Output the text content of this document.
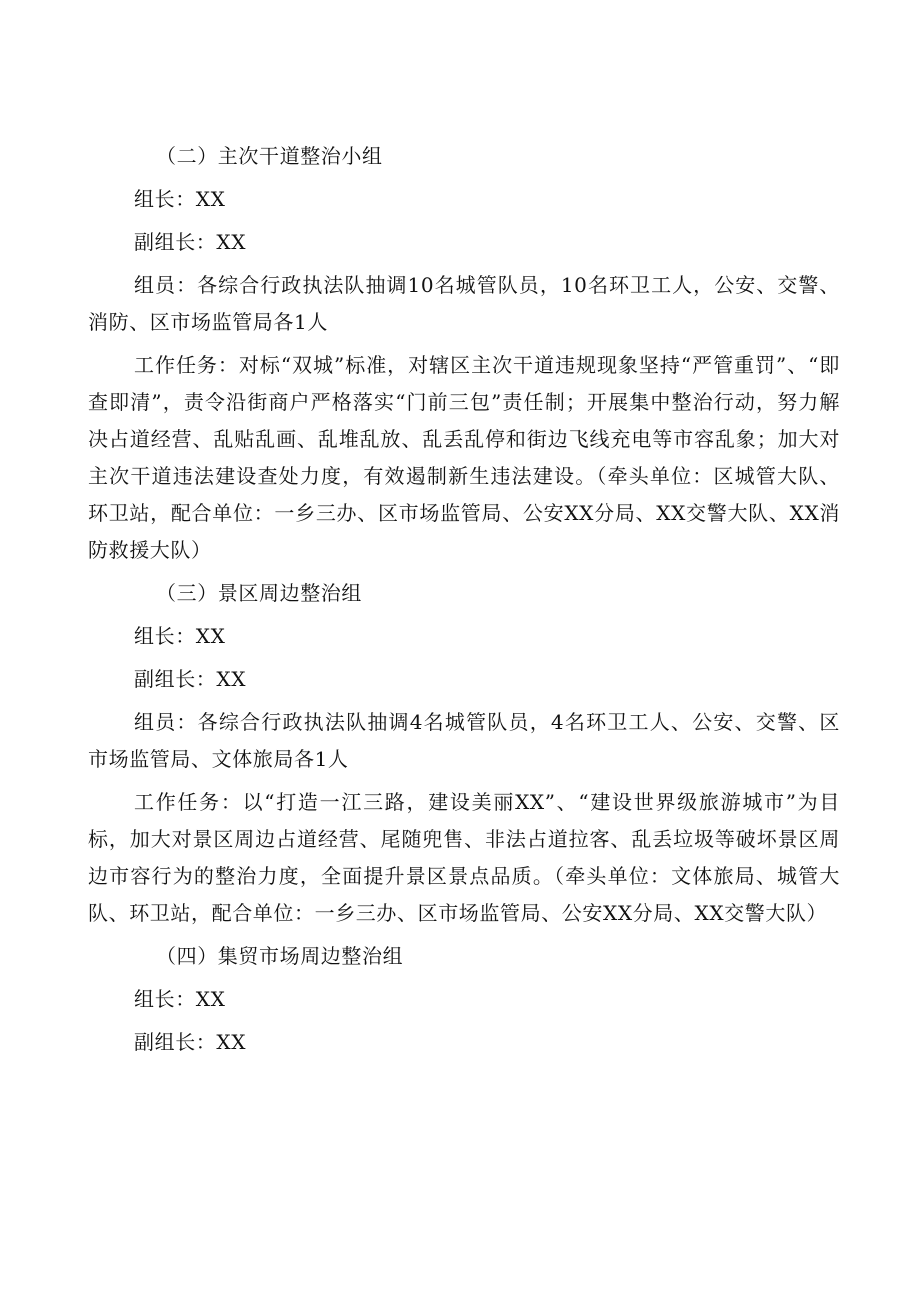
（二）主次干道整治小组

组长：XX

副组长：XX

组员：各综合行政执法队抽调10名城管队员，10名环卫工人，公安、交警、消防、区市场监管局各1人

工作任务：对标“双城”标准，对辖区主次干道违规现象坚持“严管重罚”、“即查即清”，责令沿街商户严格落实“门前三包”责任制；开展集中整治行动，努力解决占道经营、乱贴乱画、乱堆乱放、乱丢乱停和街边飞线充电等市容乱象；加大对主次干道违法建设查处力度，有效遏制新生违法建设。（牵头单位：区城管大队、环卫站，配合单位：一乡三办、区市场监管局、公安XX分局、XX交警大队、XX消防救援大队）

（三）景区周边整治组

组长：XX

副组长：XX

组员：各综合行政执法队抽调4名城管队员，4名环卫工人、公安、交警、区市场监管局、文体旅局各1人

工作任务：以“打造一江三路，建设美丽XX”、“建设世界级旅游城市”为目标，加大对景区周边占道经营、尾随兜售、非法占道拉客、乱丢垃圾等破坏景区周边市容行为的整治力度，全面提升景区景点品质。（牵头单位：文体旅局、城管大队、环卫站，配合单位：一乡三办、区市场监管局、公安XX分局、XX交警大队）

（四）集贸市场周边整治组

组长：XX

副组长：XX
